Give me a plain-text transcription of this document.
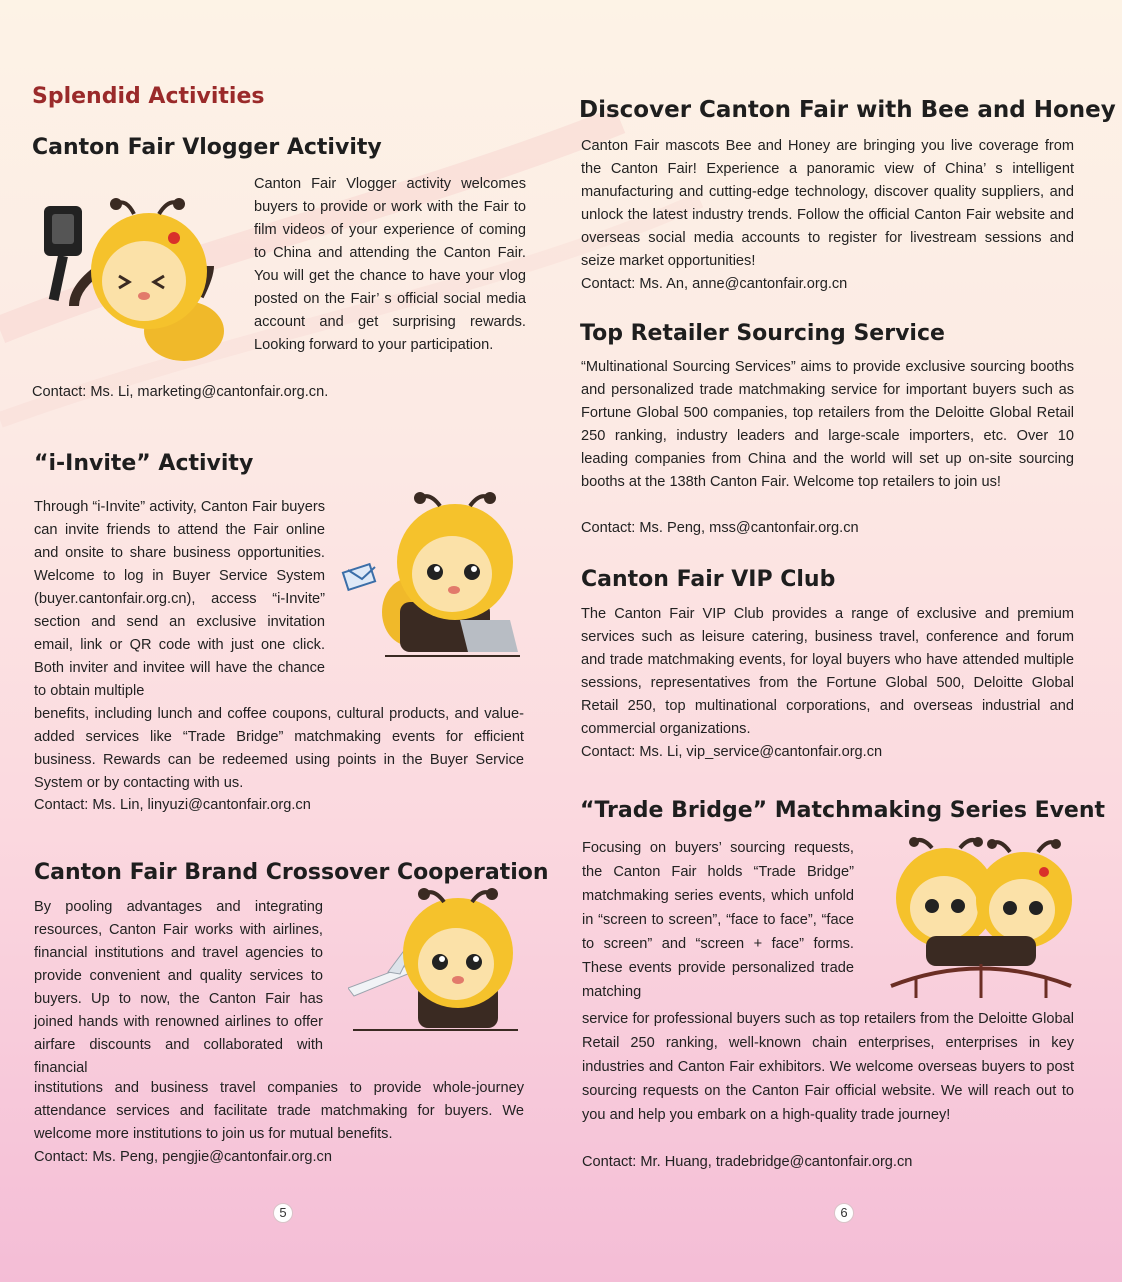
Splendid Activities
Canton Fair Vlogger Activity
Canton Fair Vlogger activity welcomes buyers to provide or work with the Fair to film videos of your experience of coming to China and attending the Canton Fair. You will get the chance to have your vlog posted on the Fair’ s official social media account and get surprising rewards. Looking forward to your participation.
Contact: Ms. Li, marketing@cantonfair.org.cn.
“i-Invite” Activity
Through “i-Invite” activity, Canton Fair buyers can invite friends to attend the Fair online and onsite to share business opportunities. Welcome to log in Buyer Service System (buyer.cantonfair.org.cn), access “i-Invite” section and send an exclusive invitation email, link or QR code with just one click. Both inviter and invitee will have the chance to obtain multiple
benefits, including lunch and coffee coupons, cultural products, and value-added services like “Trade Bridge” matchmaking events for efficient business. Rewards can be redeemed using points in the Buyer Service System or by contacting with us.
Contact: Ms. Lin, linyuzi@cantonfair.org.cn
Canton Fair Brand Crossover Cooperation
By pooling advantages and integrating resources, Canton Fair works with airlines, financial institutions and travel agencies to provide convenient and quality services to buyers. Up to now, the Canton Fair has joined hands with renowned airlines to offer airfare discounts and collaborated with financial
institutions and business travel companies to provide whole-journey attendance services and facilitate trade matchmaking for buyers. We welcome more institutions to join us for mutual benefits.
Contact: Ms. Peng, pengjie@cantonfair.org.cn
5
Discover Canton Fair with Bee and Honey
Canton Fair mascots Bee and Honey are bringing you live coverage from the Canton Fair! Experience a panoramic view of China’ s intelligent manufacturing and cutting-edge technology, discover quality suppliers, and unlock the latest industry trends. Follow the official Canton Fair website and overseas social media accounts to register for livestream sessions and seize market opportunities!
Contact: Ms. An, anne@cantonfair.org.cn
Top Retailer Sourcing Service
“Multinational Sourcing Services” aims to provide exclusive sourcing booths and personalized trade matchmaking service for important buyers such as Fortune Global 500 companies, top retailers from the Deloitte Global Retail 250 ranking, industry leaders and large-scale importers, etc. Over 10 leading companies from China and the world will set up on-site sourcing booths at the 138th Canton Fair. Welcome top retailers to join us!
Contact: Ms. Peng, mss@cantonfair.org.cn
Canton Fair VIP Club
The Canton Fair VIP Club provides a range of exclusive and premium services such as leisure catering, business travel, conference and forum and trade matchmaking events, for loyal buyers who have attended multiple sessions, representatives from the Fortune Global 500, Deloitte Global Retail 250, top multinational corporations, and overseas industrial and commercial organizations.
Contact: Ms. Li, vip_service@cantonfair.org.cn
“Trade Bridge” Matchmaking Series Event
Focusing on buyers’ sourcing requests, the Canton Fair holds “Trade Bridge” matchmaking series events, which unfold in “screen to screen”, “face to face”, “face to screen” and “screen + face” forms. These events provide personalized trade matching
service for professional buyers such as top retailers from the Deloitte Global Retail 250 ranking, well-known chain enterprises, enterprises in key industries and Canton Fair exhibitors. We welcome overseas buyers to post sourcing requests on the Canton Fair official website. We will reach out to you and help you embark on a high-quality trade journey!
Contact: Mr. Huang, tradebridge@cantonfair.org.cn
6
